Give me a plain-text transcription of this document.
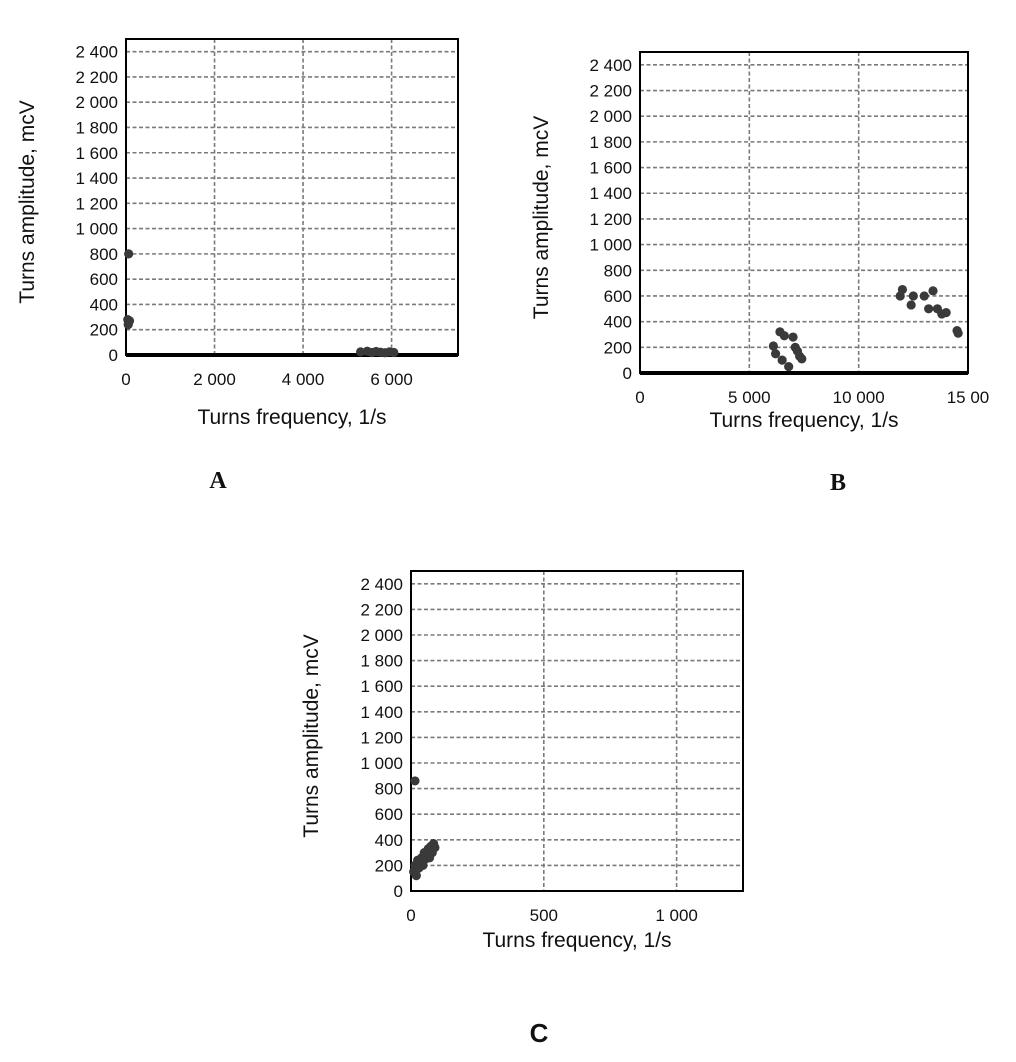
0
200
400
600
800
1 000
1 200
1 400
1 600
1 800
2 000
2 200
2 400
0	2 000	4 000	6 000
Turns frequency, 1/s
Turns amplitude, mcV
A
0
200
400
600
800
1 000
1 200
1 400
1 600
1 800
2 000
2 200
2 400
0	5 000	10 000	15 00
Turns frequency, 1/s
Turns amplitude, mcV
B
0
200
400
600
800
1 000
1 200
1 400
1 600
1 800
2 000
2 200
2 400
0	500	1 000
Turns frequency, 1/s
Turns amplitude, mcV
C
